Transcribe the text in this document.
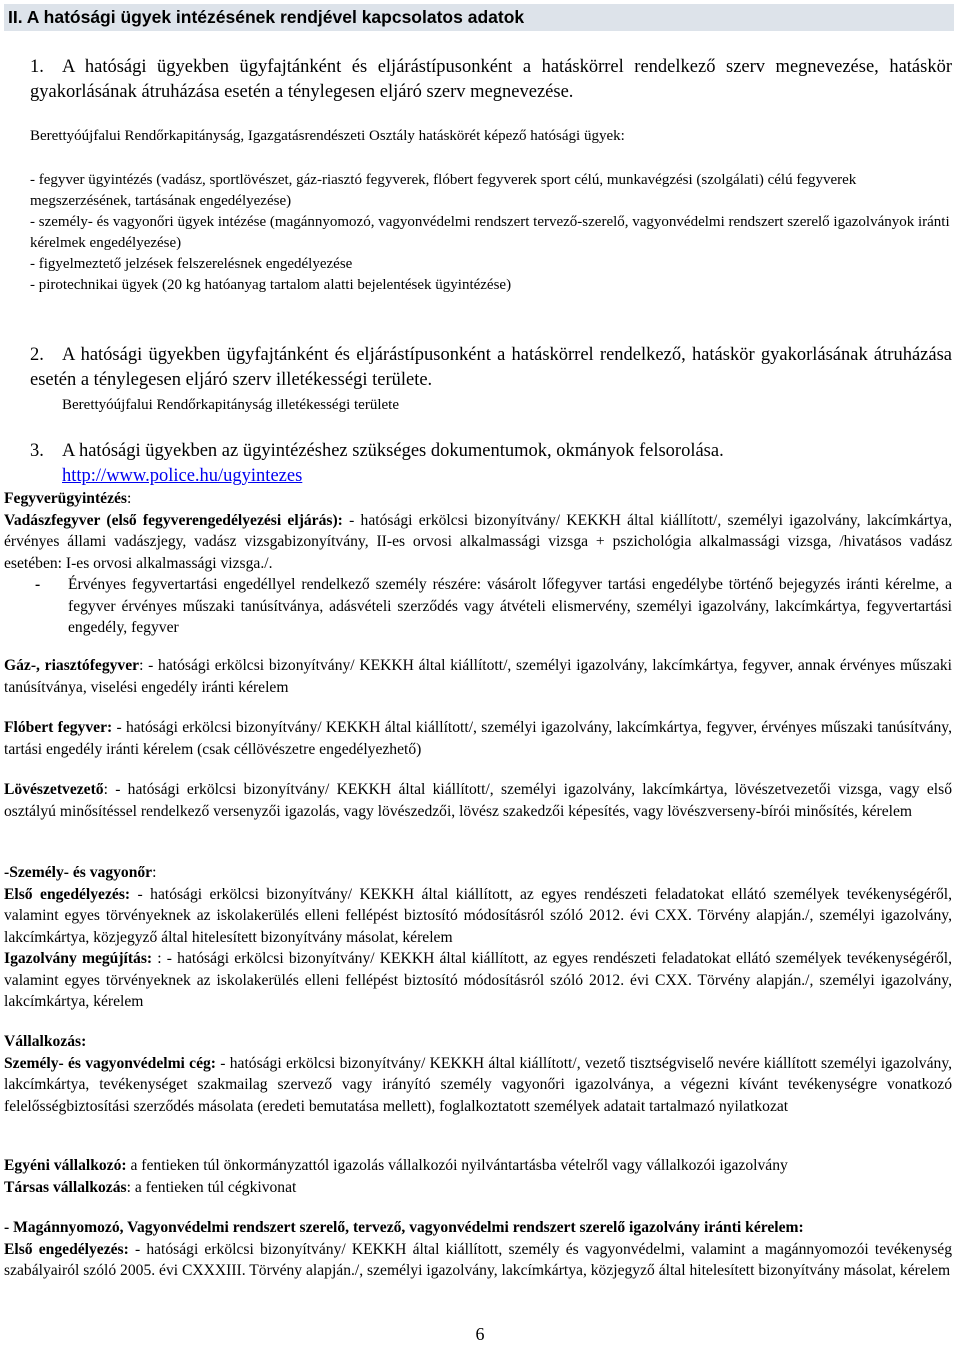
II. A hatósági ügyek intézésének rendjével kapcsolatos adatok

1. A hatósági ügyekben ügyfajtánként és eljárástípusonként a hatáskörrel rendelkező szerv megnevezése, hatáskör gyakorlásának átruházása esetén a ténylegesen eljáró szerv megnevezése.

Berettyóújfalui Rendőrkapitányság, Igazgatásrendészeti Osztály hatáskörét képező hatósági ügyek:

- fegyver ügyintézés (vadász, sportlövészet, gáz-riasztó fegyverek, flóbert fegyverek sport célú, munkavégzési (szolgálati) célú fegyverek megszerzésének, tartásának engedélyezése)
- személy- és vagyonőri ügyek intézése (magánnyomozó, vagyonvédelmi rendszert tervező-szerelő, vagyonvédelmi rendszert szerelő igazolványok iránti kérelmek engedélyezése)
- figyelmeztető jelzések felszerelésnek engedélyezése
- pirotechnikai ügyek (20 kg hatóanyag tartalom alatti bejelentések ügyintézése)

2. A hatósági ügyekben ügyfajtánként és eljárástípusonként a hatáskörrel rendelkező, hatáskör gyakorlásának átruházása esetén a ténylegesen eljáró szerv illetékességi területe.

Berettyóújfalui Rendőrkapitányság illetékességi területe

3. A hatósági ügyekben az ügyintézéshez szükséges dokumentumok, okmányok felsorolása.

http://www.police.hu/ugyintezes

Fegyverügyintézés:
Vadászfegyver (első fegyverengedélyezési eljárás): - hatósági erkölcsi bizonyítvány/ KEKKH által kiállított/, személyi igazolvány, lakcímkártya, érvényes állami vadászjegy, vadász vizsgabizonyítvány, II-es orvosi alkalmassági vizsga + pszichológia alkalmassági vizsga, /hivatásos vadász esetében: I-es orvosi alkalmassági vizsga./.
- Érvényes fegyvertartási engedéllyel rendelkező személy részére: vásárolt lőfegyver tartási engedélybe történő bejegyzés iránti kérelme, a fegyver érvényes műszaki tanúsítványa, adásvételi szerződés vagy átvételi elismervény, személyi igazolvány, lakcímkártya, fegyvertartási engedély, fegyver
Gáz-, riasztófegyver: - hatósági erkölcsi bizonyítvány/ KEKKH által kiállított/, személyi igazolvány, lakcímkártya, fegyver, annak érvényes műszaki tanúsítványa, viselési engedély iránti kérelem
Flóbert fegyver: - hatósági erkölcsi bizonyítvány/ KEKKH által kiállított/, személyi igazolvány, lakcímkártya, fegyver, érvényes műszaki tanúsítvány, tartási engedély iránti kérelem (csak céllövészetre engedélyezhető)
Lövészetvezető: - hatósági erkölcsi bizonyítvány/ KEKKH által kiállított/, személyi igazolvány, lakcímkártya, lövészetvezetői vizsga, vagy első osztályú minősítéssel rendelkező versenyzői igazolás, vagy lövészedzői, lövész szakedzői képesítés, vagy lövészverseny-bírói minősítés, kérelem
-Személy- és vagyonőr:
Első engedélyezés: - hatósági erkölcsi bizonyítvány/ KEKKH által kiállított, az egyes rendészeti feladatokat ellátó személyek tevékenységéről, valamint egyes törvényeknek az iskolakerülés elleni fellépést biztosító módosításról szóló 2012. évi CXX. Törvény alapján./, személyi igazolvány, lakcímkártya, közjegyző által hitelesített bizonyítvány másolat, kérelem
Igazolvány megújítás: : - hatósági erkölcsi bizonyítvány/ KEKKH által kiállított, az egyes rendészeti feladatokat ellátó személyek tevékenységéről, valamint egyes törvényeknek az iskolakerülés elleni fellépést biztosító módosításról szóló 2012. évi CXX. Törvény alapján./, személyi igazolvány, lakcímkártya, kérelem
Vállalkozás:
Személy- és vagyonvédelmi cég: - hatósági erkölcsi bizonyítvány/ KEKKH által kiállított/, vezető tisztségviselő nevére kiállított személyi igazolvány, lakcímkártya, tevékenységet szakmailag szervező vagy irányító személy vagyonőri igazolványa, a végezni kívánt tevékenységre vonatkozó felelősségbiztosítási szerződés másolata (eredeti bemutatása mellett), foglalkoztatott személyek adatait tartalmazó nyilatkozat
Egyéni vállalkozó: a fentieken túl önkormányzattól igazolás vállalkozói nyilvántartásba vételről vagy vállalkozói igazolvány
Társas vállalkozás: a fentieken túl cégkivonat
- Magánnyomozó, Vagyonvédelmi rendszert szerelő, tervező, vagyonvédelmi rendszert szerelő igazolvány iránti kérelem:
Első engedélyezés: - hatósági erkölcsi bizonyítvány/ KEKKH által kiállított, személy és vagyonvédelmi, valamint a magánnyomozói tevékenység szabályairól szóló 2005. évi CXXXIII. Törvény alapján./, személyi igazolvány, lakcímkártya, közjegyző által hitelesített bizonyítvány másolat, kérelem
6
